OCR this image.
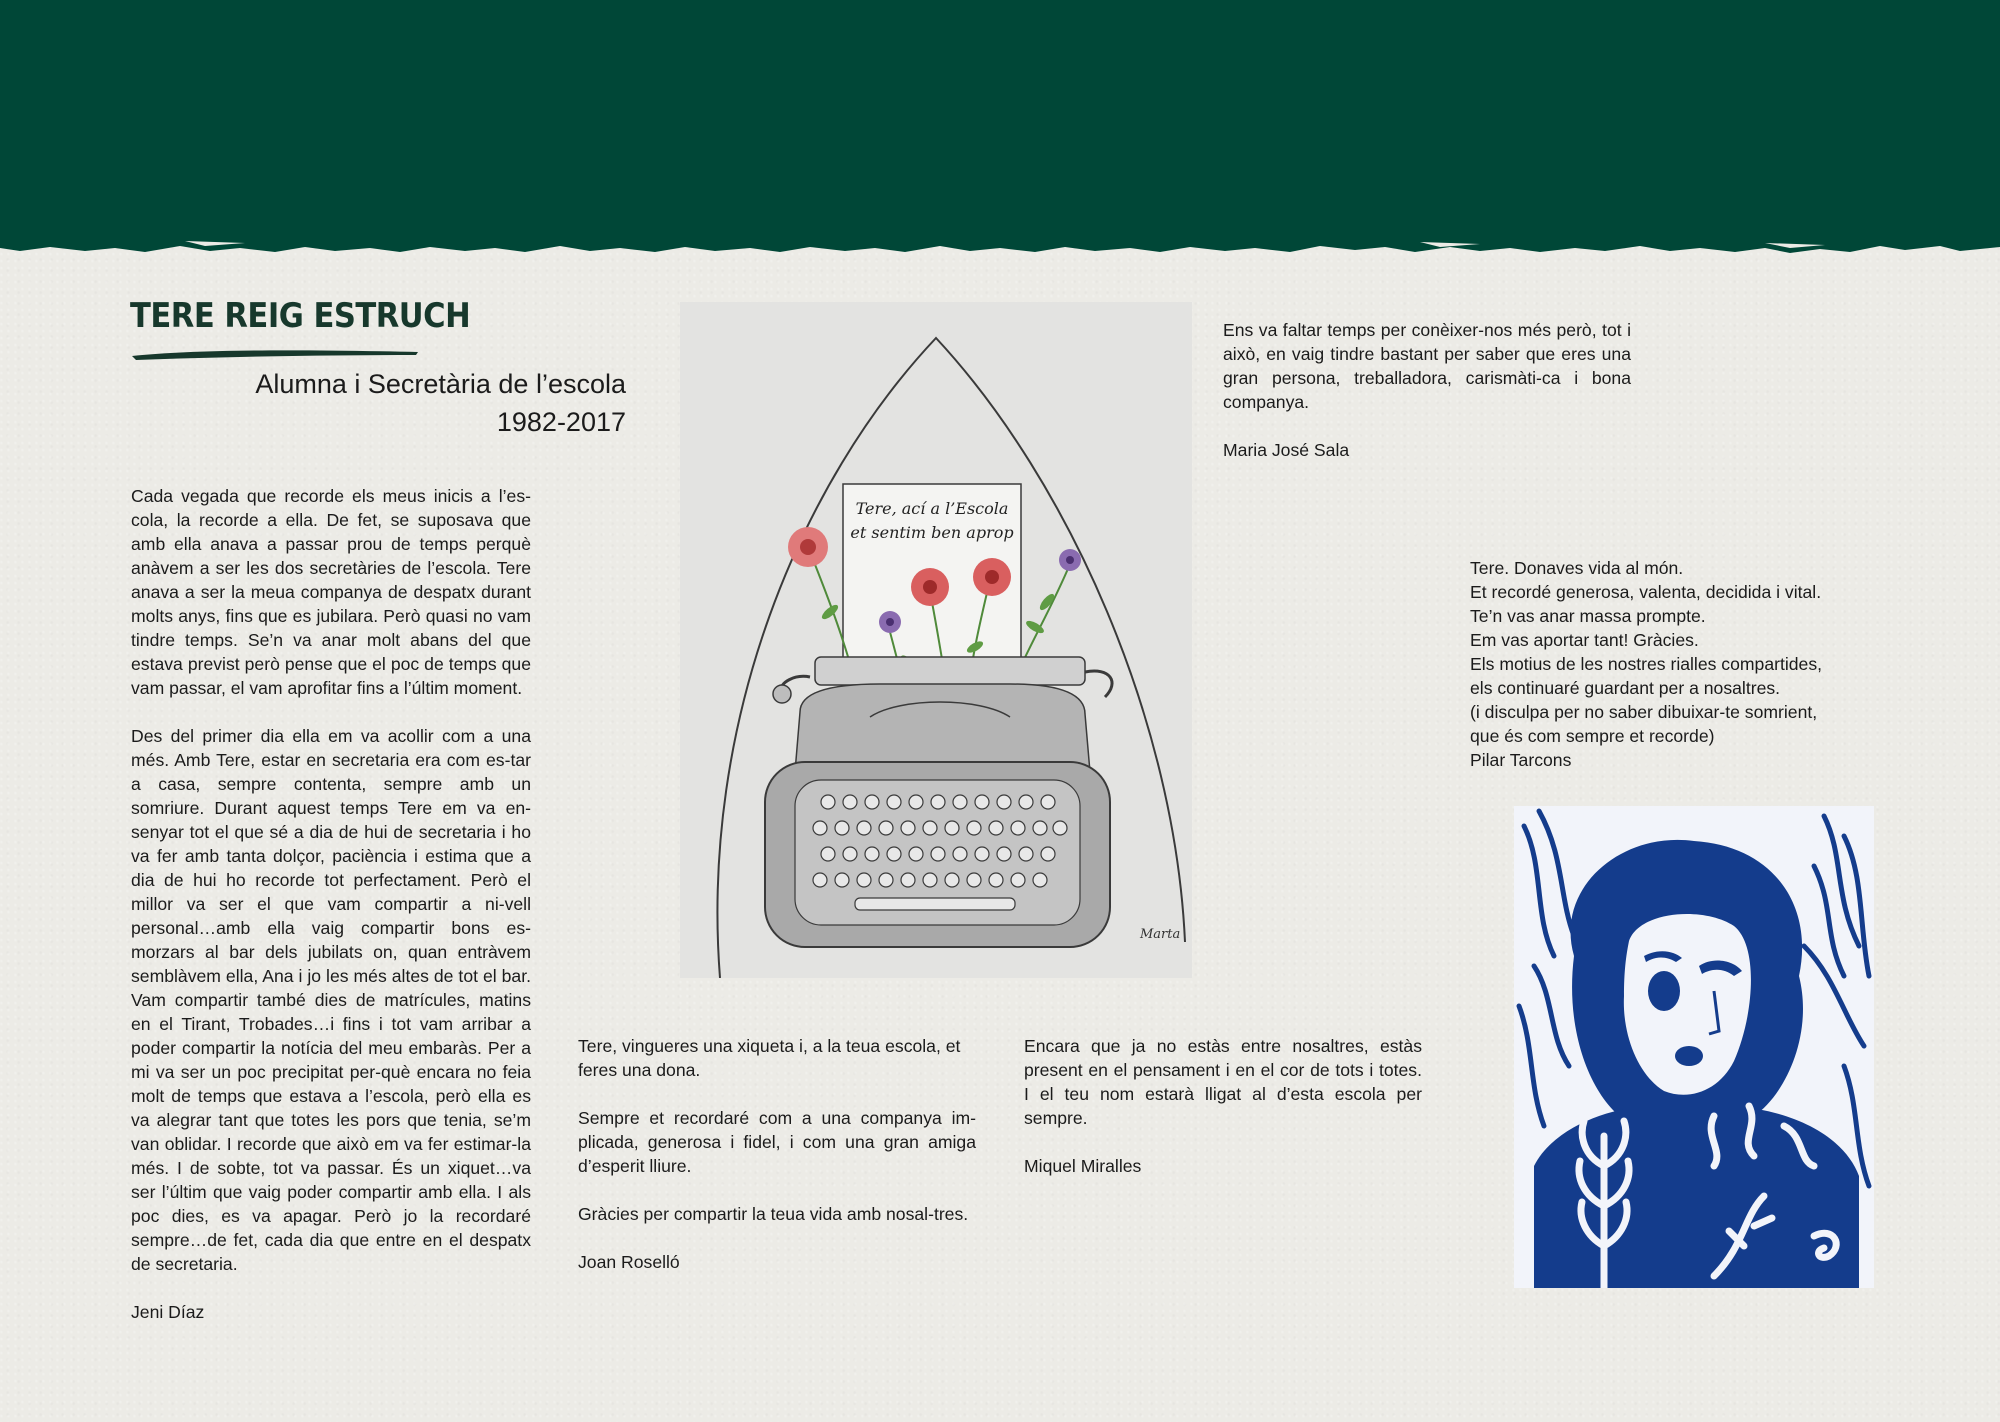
TERE REIG ESTRUCH
Alumna i Secretària de l’escola
1982-2017

Cada vegada que recorde els meus inicis a l’es-cola, la recorde a ella. De fet, se suposava que amb ella anava a passar prou de temps perquè anàvem a ser les dos secretàries de l’escola. Tere anava a ser la meua companya de despatx durant molts anys, fins que es jubilara. Però quasi no vam tindre temps. Se’n va anar molt abans del que estava previst però pense que el poc de temps que vam passar, el vam aprofitar fins a l’últim moment.

Des del primer dia ella em va acollir com a una més. Amb Tere, estar en secretaria era com es-tar a casa, sempre contenta, sempre amb un somriure. Durant aquest temps Tere em va en-senyar tot el que sé a dia de hui de secretaria i ho va fer amb tanta dolçor, paciència i estima que a dia de hui ho recorde tot perfectament. Però el millor va ser el que vam compartir a ni-vell personal…amb ella vaig compartir bons es-morzars al bar dels jubilats on, quan entràvem semblàvem ella, Ana i jo les més altes de tot el bar. Vam compartir també dies de matrícules, matins en el Tirant, Trobades…i fins i tot vam arribar a poder compartir la notícia del meu embaràs. Per a mi va ser un poc precipitat per-què encara no feia molt de temps que estava a l’escola, però ella es va alegrar tant que totes les pors que tenia, se’m van oblidar. I recorde que això em va fer estimar-la més. I de sobte, tot va passar. És un xiquet…va ser l’últim que vaig poder compartir amb ella. I als poc dies, es va apagar. Però jo la recordaré sempre…de fet, cada dia que entre en el despatx de secretaria.

Jeni Díaz

Tere, ací a l’Escola
et sentim ben aprop
Marta

Tere, vingueres una xiqueta i, a la teua escola, et feres una dona.

Sempre et recordaré com a una companya im-plicada, generosa i fidel, i com una gran amiga d’esperit lliure.

Gràcies per compartir la teua vida amb nosal-tres.

Joan Roselló

Encara que ja no estàs entre nosaltres, estàs present en el pensament i en el cor de tots i totes. I el teu nom estarà lligat al d’esta escola per sempre.

Miquel Miralles

Ens va faltar temps per conèixer-nos més però, tot i això, en vaig tindre bastant per saber que eres una gran persona, treballadora, carismàti-ca i bona companya.

Maria José Sala

Tere. Donaves vida al món.
Et recordé generosa, valenta, decidida i vital.
Te’n vas anar massa prompte.
Em vas aportar tant! Gràcies.
Els motius de les nostres rialles compartides,
els continuaré guardant per a nosaltres.
(i disculpa per no saber dibuixar-te somrient,
que és com sempre et recorde)

Pilar Tarcons
